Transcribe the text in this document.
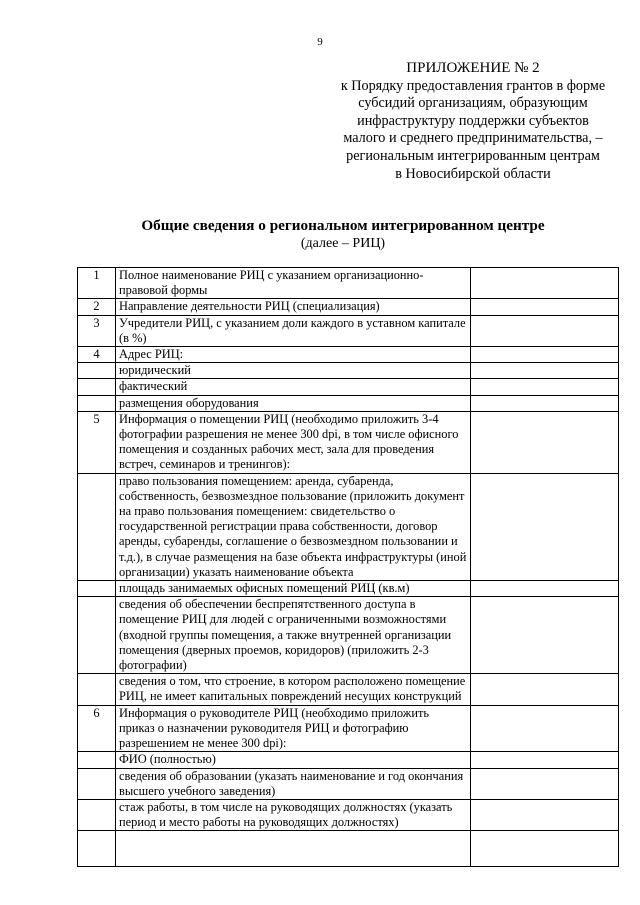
9
ПРИЛОЖЕНИЕ № 2
к Порядку предоставления грантов в форме
субсидий организациям, образующим
инфраструктуру поддержки субъектов
малого и среднего предпринимательства, –
региональным интегрированным центрам
в Новосибирской области
Общие сведения о региональном интегрированном центре
(далее – РИЦ)
1	Полное наименование РИЦ с указанием организационно-правовой формы	
2	Направление деятельности РИЦ (специализация)	
3	Учредители РИЦ, с указанием доли каждого в уставном капитале (в %)	
4	Адрес РИЦ:	
	юридический	
	фактический	
	размещения оборудования	
5	Информация о помещении РИЦ (необходимо приложить 3-4 фотографии разрешения не менее 300 dpi, в том числе офисного помещения и созданных рабочих мест, зала для проведения встреч, семинаров и тренингов):	
	право пользования помещением: аренда, субаренда, собственность, безвозмездное пользование (приложить документ на право пользования помещением: свидетельство о государственной регистрации права собственности, договор аренды, субаренды, соглашение о безвозмездном пользовании и т.д.), в случае размещения на базе объекта инфраструктуры (иной организации) указать наименование объекта	
	площадь занимаемых офисных помещений РИЦ (кв.м)	
	сведения об обеспечении беспрепятственного доступа в помещение РИЦ для людей с ограниченными возможностями (входной группы помещения, а также внутренней организации помещения (дверных проемов, коридоров) (приложить 2-3 фотографии)	
	сведения о том, что строение, в котором расположено помещение РИЦ, не имеет капитальных повреждений несущих конструкций	
6	Информация о руководителе РИЦ (необходимо приложить приказ о назначении руководителя РИЦ и фотографию разрешением не менее 300 dpi):	
	ФИО (полностью)	
	сведения об образовании (указать наименование и год окончания высшего учебного заведения)	
	стаж работы, в том числе на руководящих должностях (указать период и место работы на руководящих должностях)	
